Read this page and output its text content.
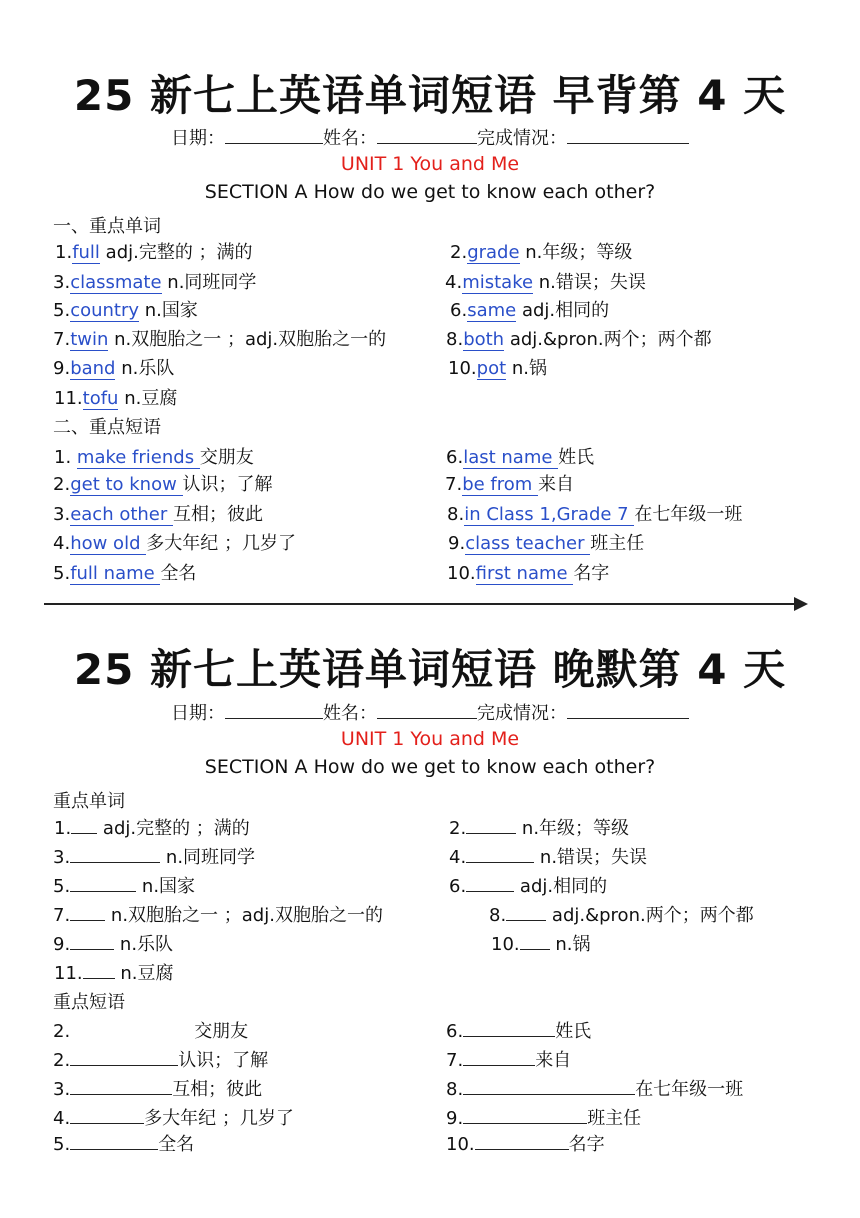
25 新七上英语单词短语 早背第 4 天
日期：	姓名：	完成情况：
UNIT 1 You and Me
SECTION A How do we get to know each other?
一、重点单词
1.full adj.完整的 ；满的	2.grade n.年级；等级
3.classmate n.同班同学	4.mistake n.错误；失误
5.country n.国家	6.same adj.相同的
7.twin n.双胞胎之一 ；adj.双胞胎之一的	8.both adj.&pron.两个；两个都
9.band n.乐队	10.pot n.锅
11.tofu n.豆腐
二、重点短语
1. make friends 交朋友	6.last name 姓氏
2.get to know 认识；了解	7.be from 来自
3.each other 互相；彼此	8.in Class 1,Grade 7 在七年级一班
4.how old 多大年纪 ；几岁了	9.class teacher 班主任
5.full name 全名	10.first name 名字
25 新七上英语单词短语 晚默第 4 天
日期：	姓名：	完成情况：
UNIT 1 You and Me
SECTION A How do we get to know each other?
重点单词
1. adj.完整的 ；满的	2.	n.年级；等级
3.	n.同班同学	4.	n.错误；失误
5.	n.国家	6.	adj.相同的
7. n.双胞胎之一 ；adj.双胞胎之一的	8. adj.&pron.两个；两个都
9. n.乐队	10. n.锅
11. n.豆腐
重点短语
2.	交朋友	6.	姓氏
2.	认识；了解	7.	来自
3.	互相；彼此	8.	在七年级一班
4.	多大年纪 ；几岁了	9.	班主任
5.	全名	10.	名字
